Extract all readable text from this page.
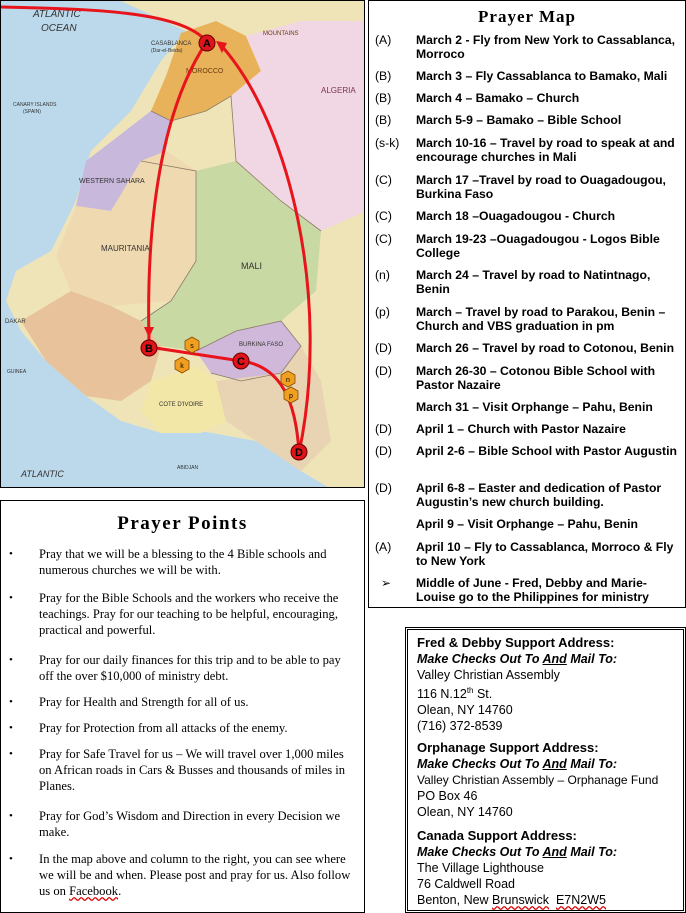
ATLANTIC
OCEAN
CASABLANCA
(Dar-el-Beida)
MOROCCO
MOUNTAINS
CANARY ISLANDS
(SPAIN)
ALGERIA
WESTERN SAHARA
MAURITANIA
MALI
DAKAR
GUINEA
COTE D'IVOIRE
BURKINA FASO
ABIDJAN
ATLANTIC
s
k
n
p
A
B
C
D
Prayer Map
(A) March 2 - Fly from New York to Cassablanca, Morroco
(B) March 3 – Fly Cassablanca to Bamako, Mali
(B) March 4 – Bamako – Church
(B) March 5-9 – Bamako – Bible School
(s-k) March 10-16 – Travel by road to speak at and encourage churches in Mali
(C) March 17 –Travel by road to Ouagadougou, Burkina Faso
(C) March 18 –Ouagadougou - Church
(C) March 19-23 –Ouagadougou - Logos Bible College
(n) March 24 – Travel by road to Natintnago, Benin
(p) March – Travel by road to Parakou, Benin – Church and VBS graduation in pm
(D) March 26 – Travel by road to Cotonou, Benin
(D) March 26-30 – Cotonou Bible School with Pastor Nazaire
March 31 – Visit Orphange – Pahu, Benin
(D) April 1 – Church with Pastor Nazaire
(D) April 2-6 – Bible School with Pastor Augustin
(D) April 6-8 – Easter and dedication of Pastor Augustin’s new church building.
April 9 – Visit Orphange – Pahu, Benin
(A) April 10 – Fly to Cassablanca, Morroco & Fly to New York
➢ Middle of June - Fred, Debby and Marie-Louise go to the Philippines for ministry
Prayer Points
• Pray that we will be a blessing to the 4 Bible schools and numerous churches we will be with.
• Pray for the Bible Schools and the workers who receive the teachings. Pray for our teaching to be helpful, encouraging, practical and powerful.
• Pray for our daily finances for this trip and to be able to pay off the over $10,000 of ministry debt.
• Pray for Health and Strength for all of us.
• Pray for Protection from all attacks of the enemy.
• Pray for Safe Travel for us – We will travel over 1,000 miles on African roads in Cars & Busses and thousands of miles in Planes.
• Pray for God’s Wisdom and Direction in every Decision we make.
• In the map above and column to the right, you can see where we will be and when. Please post and pray for us. Also follow us on Facebook.
Fred & Debby Support Address:
Make Checks Out To And Mail To:
Valley Christian Assembly
116 N.12th St.
Olean, NY 14760
(716) 372-8539
Orphanage Support Address:
Make Checks Out To And Mail To:
Valley Christian Assembly – Orphanage Fund
PO Box 46
Olean, NY 14760
Canada Support Address:
Make Checks Out To And Mail To:
The Village Lighthouse
76 Caldwell Road
Benton, New Brunswick E7N2W5
